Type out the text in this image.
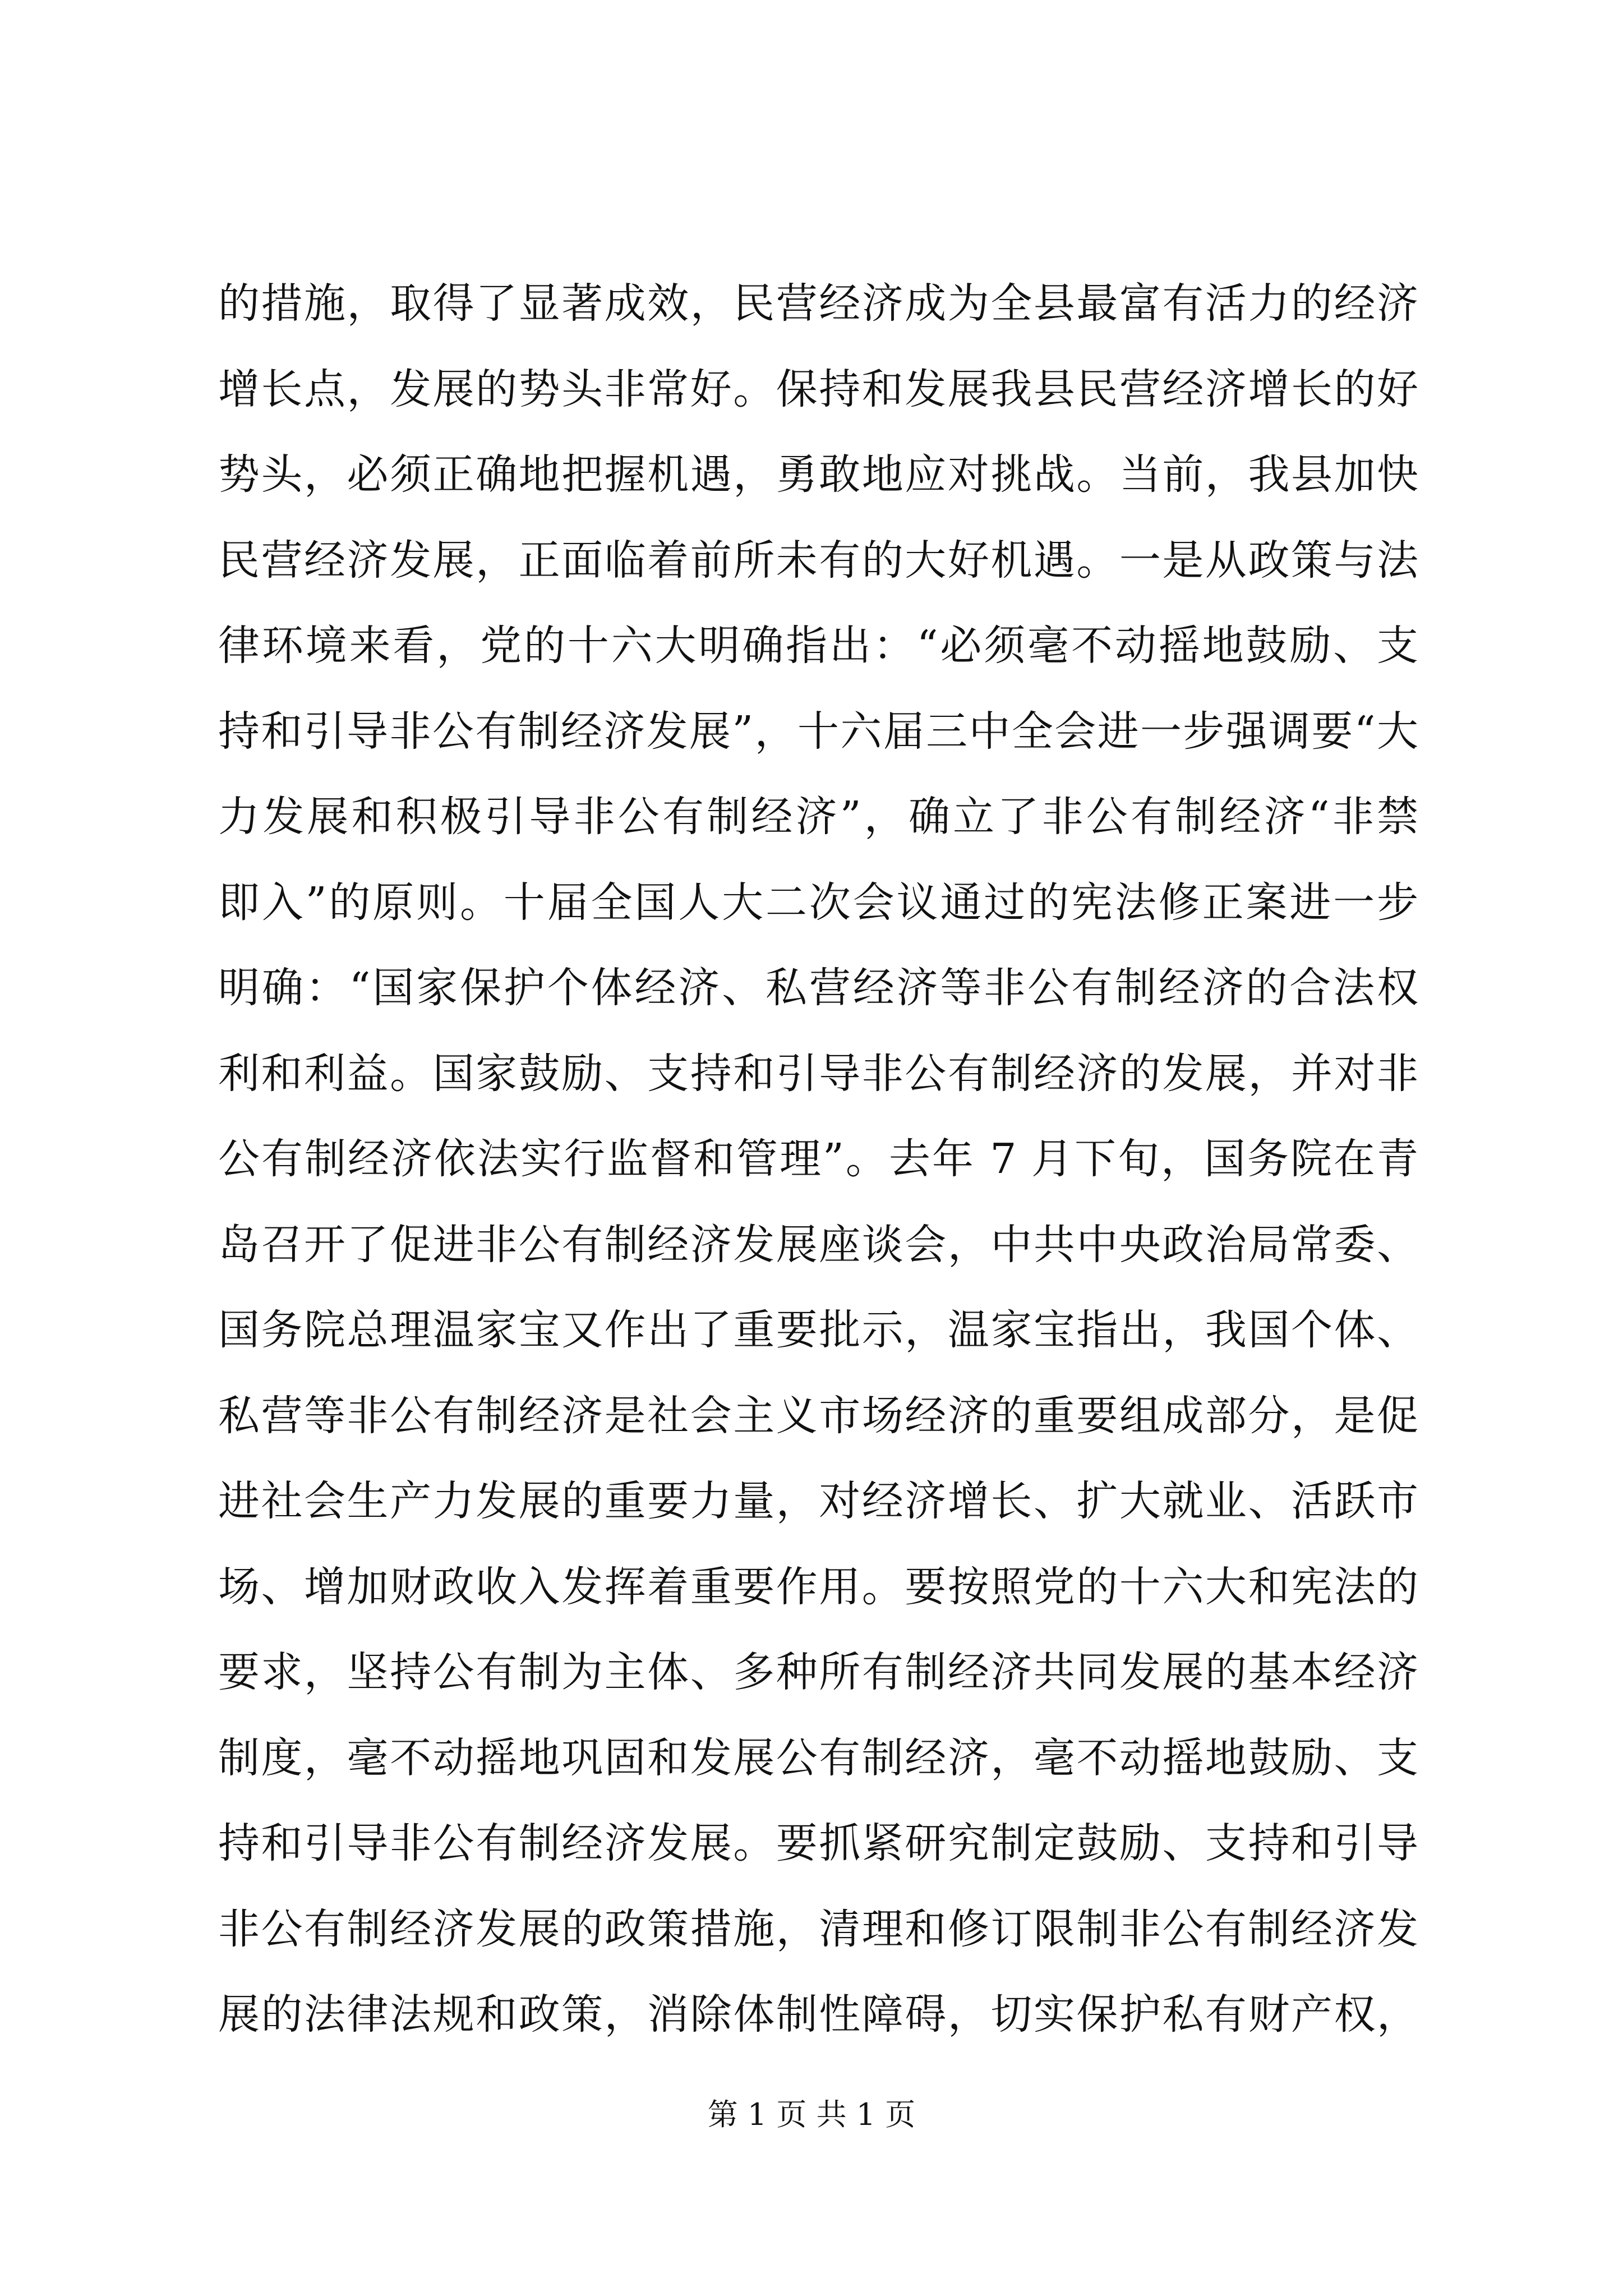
的措施，取得了显著成效，民营经济成为全县最富有活力的经济
增长点，发展的势头非常好。保持和发展我县民营经济增长的好
势头，必须正确地把握机遇，勇敢地应对挑战。当前，我县加快
民营经济发展，正面临着前所未有的大好机遇。一是从政策与法
律环境来看，党的十六大明确指出：“必须毫不动摇地鼓励、支
持和引导非公有制经济发展”，十六届三中全会进一步强调要“大
力发展和积极引导非公有制经济”，确立了非公有制经济“非禁
即入”的原则。十届全国人大二次会议通过的宪法修正案进一步
明确：“国家保护个体经济、私营经济等非公有制经济的合法权
利和利益。国家鼓励、支持和引导非公有制经济的发展，并对非
公有制经济依法实行监督和管理”。去年 7 月下旬，国务院在青
岛召开了促进非公有制经济发展座谈会，中共中央政治局常委、
国务院总理温家宝又作出了重要批示，温家宝指出，我国个体、
私营等非公有制经济是社会主义市场经济的重要组成部分，是促
进社会生产力发展的重要力量，对经济增长、扩大就业、活跃市
场、增加财政收入发挥着重要作用。要按照党的十六大和宪法的
要求，坚持公有制为主体、多种所有制经济共同发展的基本经济
制度，毫不动摇地巩固和发展公有制经济，毫不动摇地鼓励、支
持和引导非公有制经济发展。要抓紧研究制定鼓励、支持和引导
非公有制经济发展的政策措施，清理和修订限制非公有制经济发
展的法律法规和政策，消除体制性障碍，切实保护私有财产权，
第 1 页 共 1 页
